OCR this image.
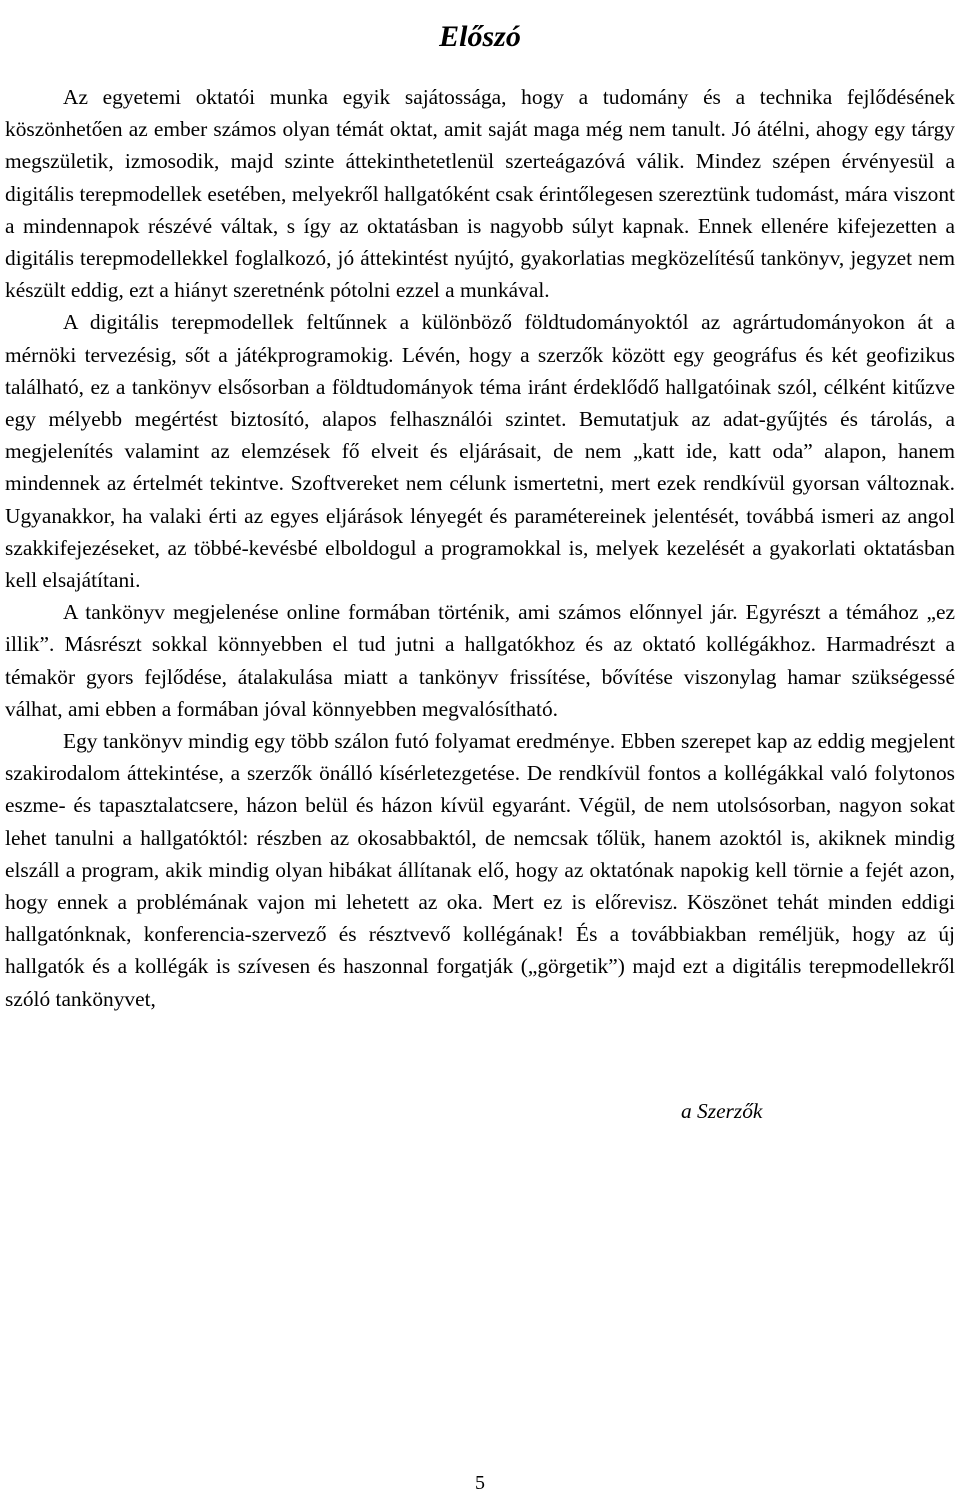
Előszó

Az egyetemi oktatói munka egyik sajátossága, hogy a tudomány és a technika fejlődésének köszönhetően az ember számos olyan témát oktat, amit saját maga még nem tanult. Jó átélni, ahogy egy tárgy megszületik, izmosodik, majd szinte áttekinthetetlenül szerteágazóvá válik. Mindez szépen érvényesül a digitális terepmodellek esetében, melyekről hallgatóként csak érintőlegesen szereztünk tudomást, mára viszont a mindennapok részévé váltak, s így az oktatásban is nagyobb súlyt kapnak. Ennek ellenére kifejezetten a digitális terepmodellekkel foglalkozó, jó áttekintést nyújtó, gyakorlatias megközelítésű tankönyv, jegyzet nem készült eddig, ezt a hiányt szeretnénk pótolni ezzel a munkával.

A digitális terepmodellek feltűnnek a különböző földtudományoktól az agrártudományokon át a mérnöki tervezésig, sőt a játékprogramokig. Lévén, hogy a szerzők között egy geográfus és két geofizikus található, ez a tankönyv elsősorban a földtudományok téma iránt érdeklődő hallgatóinak szól, célként kitűzve egy mélyebb megértést biztosító, alapos felhasználói szintet. Bemutatjuk az adat-gyűjtés és tárolás, a megjelenítés valamint az elemzések fő elveit és eljárásait, de nem „katt ide, katt oda” alapon, hanem mindennek az értelmét tekintve. Szoftvereket nem célunk ismertetni, mert ezek rendkívül gyorsan változnak. Ugyanakkor, ha valaki érti az egyes eljárások lényegét és paramétereinek jelentését, továbbá ismeri az angol szakkifejezéseket, az többé-kevésbé elboldogul a programokkal is, melyek kezelését a gyakorlati oktatásban kell elsajátítani.

A tankönyv megjelenése online formában történik, ami számos előnnyel jár. Egyrészt a témához „ez illik”. Másrészt sokkal könnyebben el tud jutni a hallgatókhoz és az oktató kollégákhoz. Harmadrészt a témakör gyors fejlődése, átalakulása miatt a tankönyv frissítése, bővítése viszonylag hamar szükségessé válhat, ami ebben a formában jóval könnyebben megvalósítható.

Egy tankönyv mindig egy több szálon futó folyamat eredménye. Ebben szerepet kap az eddig megjelent szakirodalom áttekintése, a szerzők önálló kísérletezgetése. De rendkívül fontos a kollégákkal való folytonos eszme- és tapasztalatcsere, házon belül és házon kívül egyaránt. Végül, de nem utolsósorban, nagyon sokat lehet tanulni a hallgatóktól: részben az okosabbaktól, de nemcsak tőlük, hanem azoktól is, akiknek mindig elszáll a program, akik mindig olyan hibákat állítanak elő, hogy az oktatónak napokig kell törnie a fejét azon, hogy ennek a problémának vajon mi lehetett az oka. Mert ez is előrevisz. Köszönet tehát minden eddigi hallgatónknak, konferencia-szervező és résztvevő kollégának! És a továbbiakban reméljük, hogy az új hallgatók és a kollégák is szívesen és haszonnal forgatják („görgetik”) majd ezt a digitális terepmodellekről szóló tankönyvet,

a Szerzők
5
